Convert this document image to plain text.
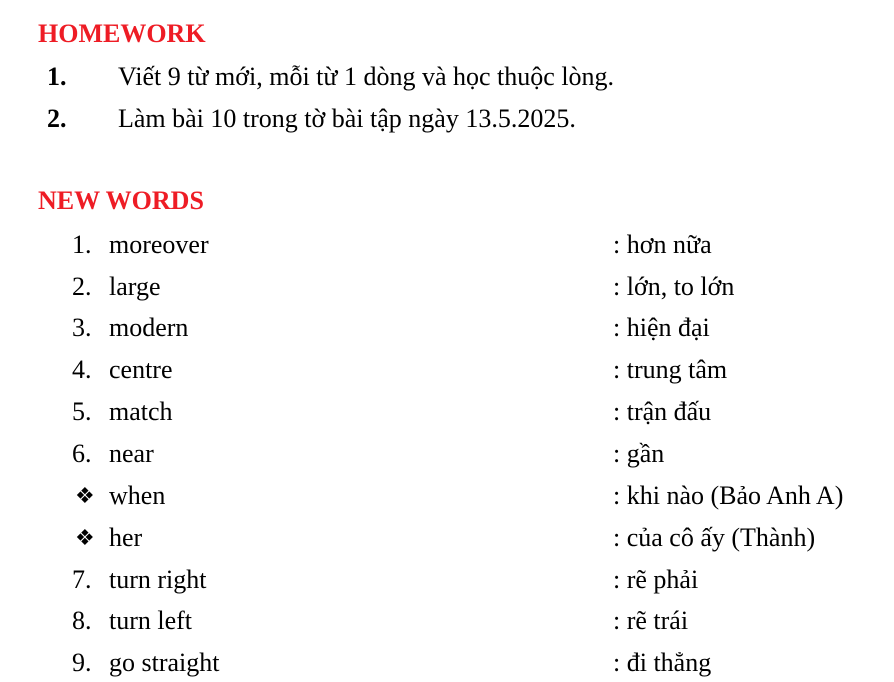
HOMEWORK
1. Viết 9 từ mới, mỗi từ 1 dòng và học thuộc lòng.
2. Làm bài 10 trong tờ bài tập ngày 13.5.2025.
NEW WORDS
1. moreover	: hơn nữa
2. large	: lớn, to lớn
3. modern	: hiện đại
4. centre	: trung tâm
5. match	: trận đấu
6. near	: gần
❖ when	: khi nào (Bảo Anh A)
❖ her	: của cô ấy (Thành)
7. turn right	: rẽ phải
8. turn left	: rẽ trái
9. go straight	: đi thẳng
